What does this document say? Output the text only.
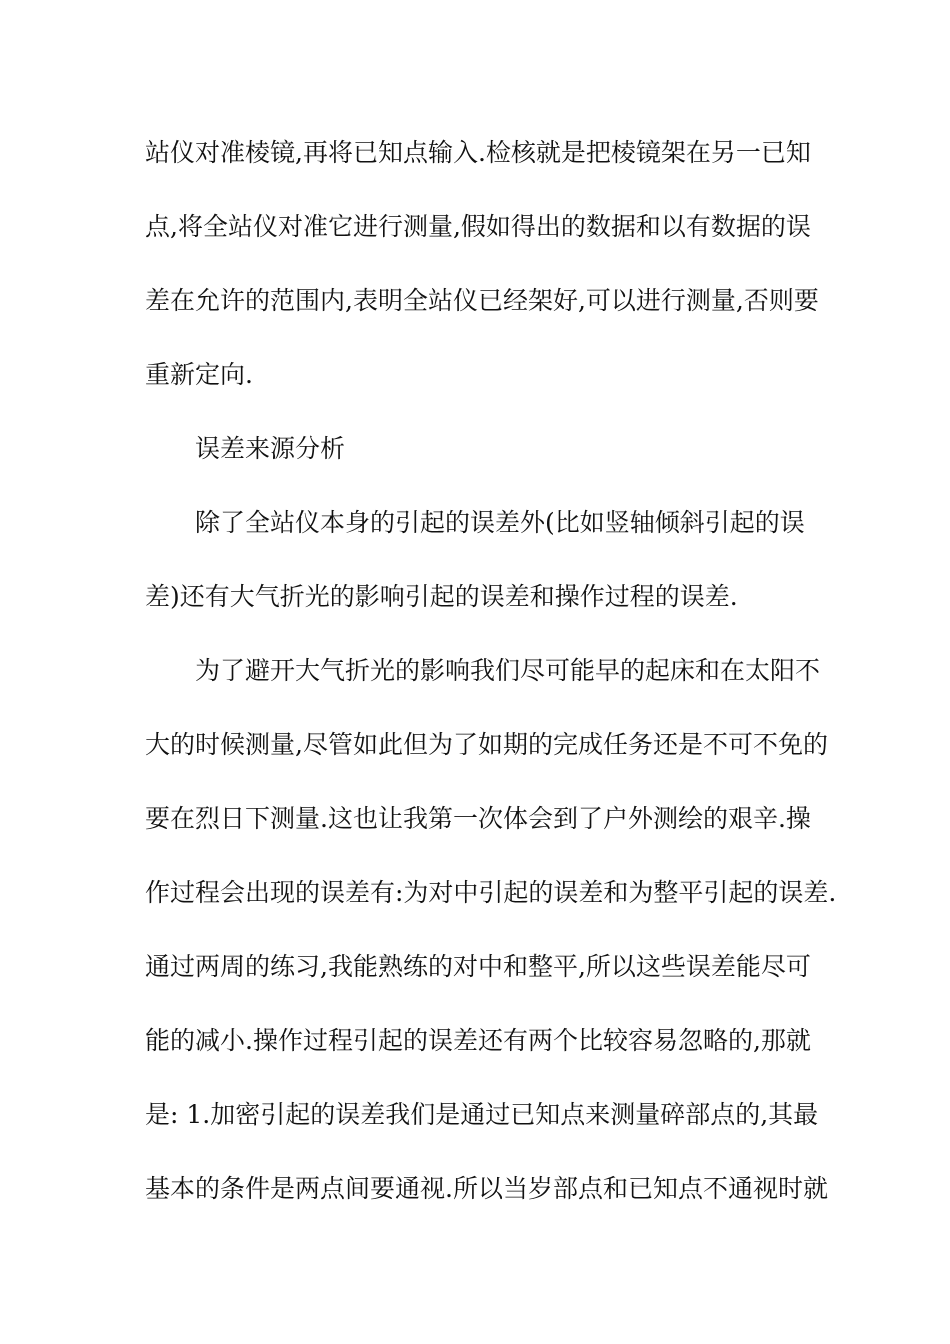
站仪对准棱镜,再将已知点输入.检核就是把棱镜架在另一已知
点,将全站仪对准它进行测量,假如得出的数据和以有数据的误
差在允许的范围内,表明全站仪已经架好,可以进行测量,否则要
重新定向.
误差来源分析
除了全站仪本身的引起的误差外(比如竖轴倾斜引起的误
差)还有大气折光的影响引起的误差和操作过程的误差.
为了避开大气折光的影响我们尽可能早的起床和在太阳不
大的时候测量,尽管如此但为了如期的完成任务还是不可不免的
要在烈日下测量.这也让我第一次体会到了户外测绘的艰辛.操
作过程会出现的误差有:为对中引起的误差和为整平引起的误差.
通过两周的练习,我能熟练的对中和整平,所以这些误差能尽可
能的减小.操作过程引起的误差还有两个比较容易忽略的,那就
是: 1.加密引起的误差我们是通过已知点来测量碎部点的,其最
基本的条件是两点间要通视.所以当岁部点和已知点不通视时就
